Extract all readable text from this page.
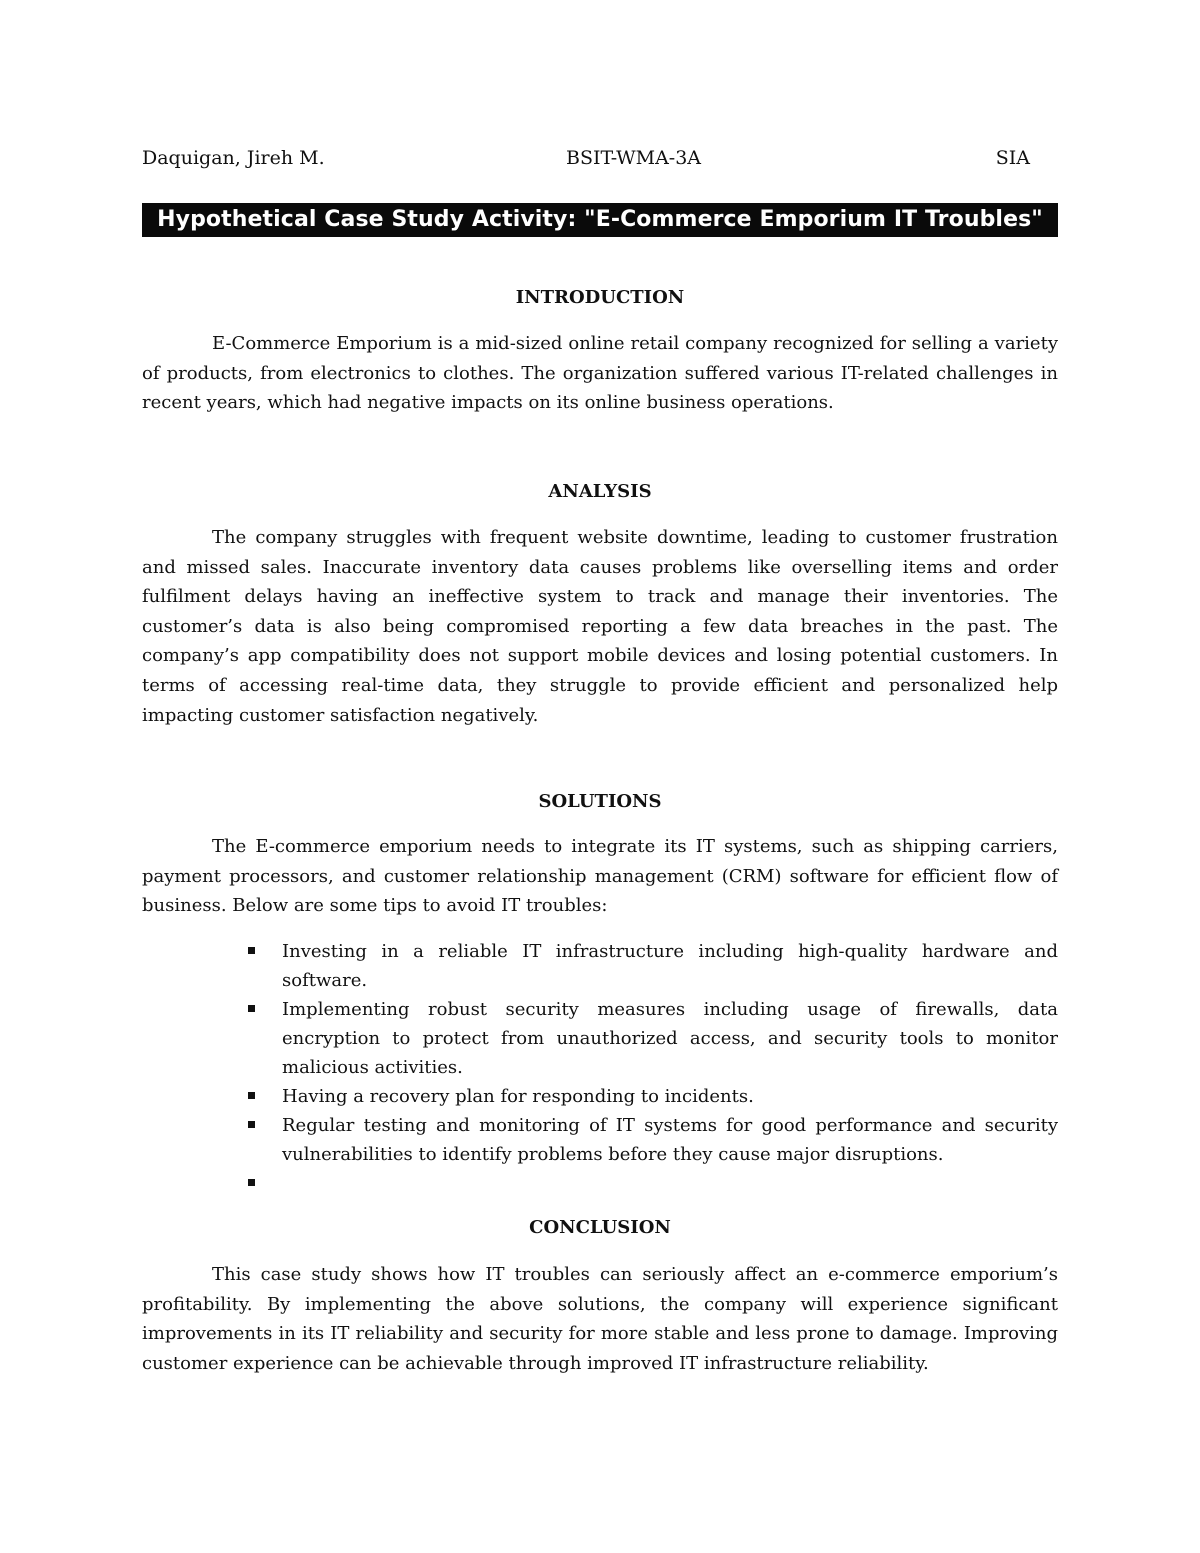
Daquigan, Jireh M.	BSIT-WMA-3A	SIA
Hypothetical Case Study Activity: "E-Commerce Emporium IT Troubles"
INTRODUCTION

E-Commerce Emporium is a mid-sized online retail company recognized for selling a variety of products, from electronics to clothes. The organization suffered various IT-related challenges in recent years, which had negative impacts on its online business operations.

ANALYSIS

The company struggles with frequent website downtime, leading to customer frustration and missed sales. Inaccurate inventory data causes problems like overselling items and order fulfilment delays having an ineffective system to track and manage their inventories. The customer’s data is also being compromised reporting a few data breaches in the past. The company’s app compatibility does not support mobile devices and losing potential customers. In terms of accessing real-time data, they struggle to provide efficient and personalized help impacting customer satisfaction negatively.

SOLUTIONS

The E-commerce emporium needs to integrate its IT systems, such as shipping carriers, payment processors, and customer relationship management (CRM) software for efficient flow of business. Below are some tips to avoid IT troubles:

Investing in a reliable IT infrastructure including high-quality hardware and software.
Implementing robust security measures including usage of firewalls, data encryption to protect from unauthorized access, and security tools to monitor malicious activities.
Having a recovery plan for responding to incidents.
Regular testing and monitoring of IT systems for good performance and security vulnerabilities to identify problems before they cause major disruptions.
CONCLUSION

This case study shows how IT troubles can seriously affect an e-commerce emporium’s profitability. By implementing the above solutions, the company will experience significant improvements in its IT reliability and security for more stable and less prone to damage. Improving customer experience can be achievable through improved IT infrastructure reliability.
